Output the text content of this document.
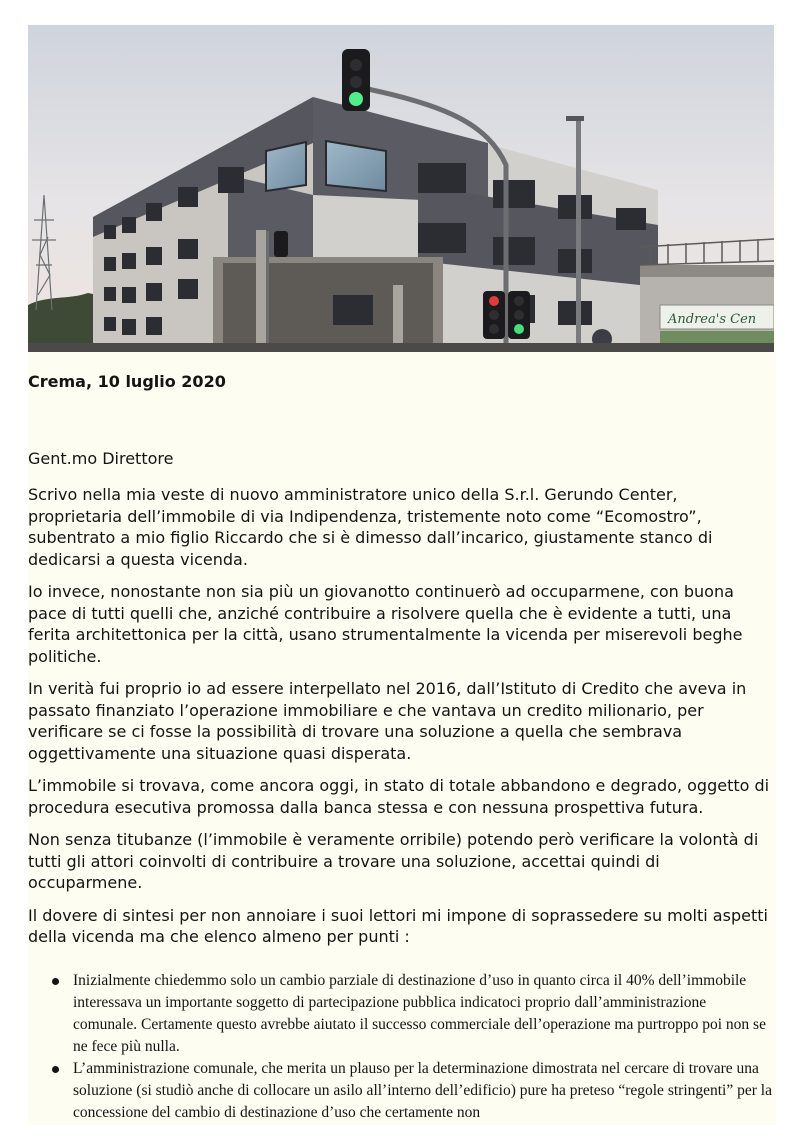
Andrea's Cen
Crema, 10 luglio 2020

Gent.mo Direttore

Scrivo nella mia veste di nuovo amministratore unico della S.r.l. Gerundo Center, proprietaria dell’immobile di via Indipendenza, tristemente noto come “Ecomostro”, subentrato a mio figlio Riccardo che si è dimesso dall’incarico, giustamente stanco di dedicarsi a questa vicenda.

Io invece, nonostante non sia più un giovanotto continuerò ad occuparmene, con buona pace di tutti quelli che, anziché contribuire a risolvere quella che è evidente a tutti, una ferita architettonica per la città, usano strumentalmente la vicenda per miserevoli beghe politiche.

In verità fui proprio io ad essere interpellato nel 2016, dall’Istituto di Credito che aveva in passato finanziato l’operazione immobiliare e che vantava un credito milionario, per verificare se ci fosse la possibilità di trovare una soluzione a quella che sembrava oggettivamente una situazione quasi disperata.

L’immobile si trovava, come ancora oggi, in stato di totale abbandono e degrado, oggetto di procedura esecutiva promossa dalla banca stessa e con nessuna prospettiva futura.

Non senza titubanze (l’immobile è veramente orribile) potendo però verificare la volontà di tutti gli attori coinvolti di contribuire a trovare una soluzione, accettai quindi di occuparmene.

Il dovere di sintesi per non annoiare i suoi lettori mi impone di soprassedere su molti aspetti della vicenda ma che elenco almeno per punti :

Inizialmente chiedemmo solo un cambio parziale di destinazione d’uso in quanto circa il 40% dell’immobile interessava un importante soggetto di partecipazione pubblica indicatoci proprio dall’amministrazione comunale. Certamente questo avrebbe aiutato il successo commerciale dell’operazione ma purtroppo poi non se ne fece più nulla.
L’amministrazione comunale, che merita un plauso per la determinazione dimostrata nel cercare di trovare una soluzione (si studiò anche di collocare un asilo all’interno dell’edificio) pure ha preteso “regole stringenti” per la concessione del cambio di destinazione d’uso che certamente non
